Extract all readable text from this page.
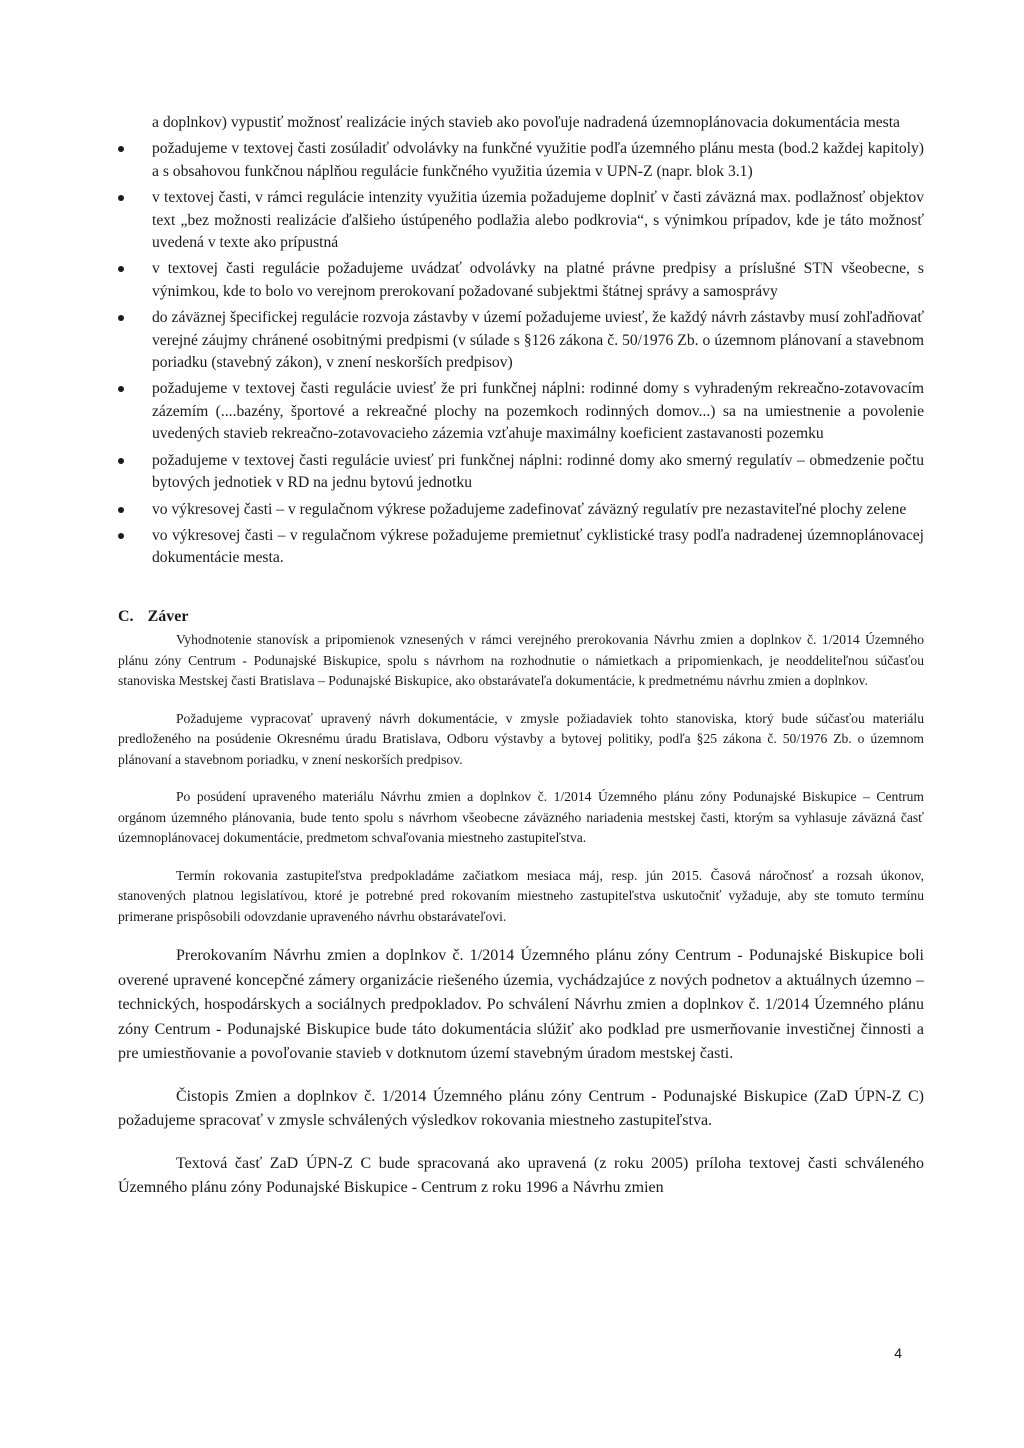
a doplnkov) vypustiť možnosť realizácie iných stavieb ako povoľuje nadradená územnoplánovacia dokumentácia mesta
požadujeme v textovej časti zosúladiť odvolávky na funkčné využitie podľa územného plánu mesta (bod.2 každej kapitoly) a s obsahovou funkčnou náplňou regulácie funkčného využitia územia v UPN-Z (napr. blok 3.1)
v textovej časti, v rámci regulácie intenzity využitia územia požadujeme doplniť v časti záväzná max. podlažnosť objektov text „bez možnosti realizácie ďalšieho ústúpeného podlažia alebo podkrovia“, s výnimkou prípadov, kde je táto možnosť uvedená v texte ako prípustná
v textovej časti regulácie požadujeme uvádzať odvolávky na platné právne predpisy a príslušné STN všeobecne, s výnimkou, kde to bolo vo verejnom prerokovaní požadované subjektmi štátnej správy a samosprávy
do záväznej špecifickej regulácie rozvoja zástavby v území požadujeme uviesť, že každý návrh zástavby musí zohľadňovať verejné záujmy chránené osobitnými predpismi (v súlade s §126 zákona č. 50/1976 Zb. o územnom plánovaní a stavebnom poriadku (stavebný zákon), v znení neskorších predpisov)
požadujeme v textovej časti regulácie uviesť že pri funkčnej náplni: rodinné domy s vyhradeným rekreačno-zotavovacím zázemím (....bazény, športové a rekreačné plochy na pozemkoch rodinných domov...) sa na umiestnenie a povolenie uvedených stavieb rekreačno-zotavovacieho zázemia vzťahuje maximálny koeficient zastavanosti pozemku
požadujeme v textovej časti regulácie uviesť pri funkčnej náplni: rodinné domy ako smerný regulatív – obmedzenie počtu bytových jednotiek v RD na jednu bytovú jednotku
vo výkresovej časti – v regulačnom výkrese požadujeme zadefinovať záväzný regulatív pre nezastaviteľné plochy zelene
vo výkresovej časti – v regulačnom výkrese požadujeme premietnuť cyklistické trasy podľa nadradenej územnoplánovacej dokumentácie mesta.
C. Záver

Vyhodnotenie stanovísk a pripomienok vznesených v rámci verejného prerokovania Návrhu zmien a doplnkov č. 1/2014 Územného plánu zóny Centrum - Podunajské Biskupice, spolu s návrhom na rozhodnutie o námietkach a pripomienkach, je neoddeliteľnou súčasťou stanoviska Mestskej časti Bratislava – Podunajské Biskupice, ako obstarávateľa dokumentácie, k predmetnému návrhu zmien a doplnkov.

Požadujeme vypracovať upravený návrh dokumentácie, v zmysle požiadaviek tohto stanoviska, ktorý bude súčasťou materiálu predloženého na posúdenie Okresnému úradu Bratislava, Odboru výstavby a bytovej politiky, podľa §25 zákona č. 50/1976 Zb. o územnom plánovaní a stavebnom poriadku, v znení neskorších predpisov.

Po posúdení upraveného materiálu Návrhu zmien a doplnkov č. 1/2014 Územného plánu zóny Podunajské Biskupice – Centrum orgánom územného plánovania, bude tento spolu s návrhom všeobecne záväzného nariadenia mestskej časti, ktorým sa vyhlasuje záväzná časť územnoplánovacej dokumentácie, predmetom schvaľovania miestneho zastupiteľstva.

Termín rokovania zastupiteľstva predpokladáme začiatkom mesiaca máj, resp. jún 2015. Časová náročnosť a rozsah úkonov, stanovených platnou legislatívou, ktoré je potrebné pred rokovaním miestneho zastupiteľstva uskutočniť vyžaduje, aby ste tomuto termínu primerane prispôsobili odovzdanie upraveného návrhu obstarávateľovi.

Prerokovaním Návrhu zmien a doplnkov č. 1/2014 Územného plánu zóny Centrum - Podunajské Biskupice boli overené upravené koncepčné zámery organizácie riešeného územia, vychádzajúce z nových podnetov a aktuálnych územno – technických, hospodárskych a sociálnych predpokladov. Po schválení Návrhu zmien a doplnkov č. 1/2014 Územného plánu zóny Centrum - Podunajské Biskupice bude táto dokumentácia slúžiť ako podklad pre usmerňovanie investičnej činnosti a pre umiestňovanie a povoľovanie stavieb v dotknutom území stavebným úradom mestskej časti.

Čistopis Zmien a doplnkov č. 1/2014 Územného plánu zóny Centrum - Podunajské Biskupice (ZaD ÚPN-Z C) požadujeme spracovať v zmysle schválených výsledkov rokovania miestneho zastupiteľstva.

Textová časť ZaD ÚPN-Z C bude spracovaná ako upravená (z roku 2005) príloha textovej časti schváleného Územného plánu zóny Podunajské Biskupice - Centrum z roku 1996 a Návrhu zmien

4
